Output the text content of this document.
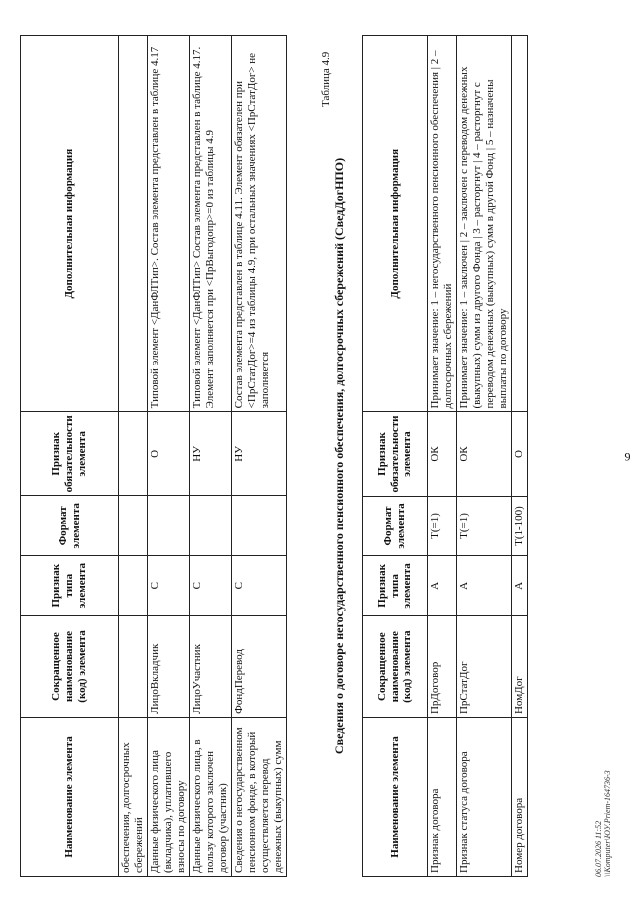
9
Наименование элемента	Сокращенное наименование (код) элемента	Признак типа элемента	Формат элемента	Признак обязательности элемента	Дополнительная информация
обеспечения, долгосрочных сбережений					
Данные физического лица (вкладчика), уплатившего взносы по договору	ЛицоВкладчик	С		О	Типовой элемент <ДанФЛТип>. Состав элемента представлен в таблице 4.17
Данные физического лица, в пользу которого заключен договор (участник)	ЛицоУчастник	С		НУ	Типовой элемент <ДанФЛТип> Состав элемента представлен в таблице 4.17. Элемент заполняется при <ПрВыгодопр>=0 из таблицы 4.9
Сведения о негосударственном пенсионном фонде, в который осуществляется перевод денежных (выкупных) сумм	ФондПеревод	С		НУ	Состав элемента представлен в таблице 4.11. Элемент обязателен при <ПрСтатДог>=4 из таблицы 4.9, при остальных значениях <ПрСтатДог> не заполняется
Таблица 4.9
Сведения о договоре негосударственного пенсионного обеспечения, долгосрочных сбережений (СведДогНПО)
Наименование элемента	Сокращенное наименование (код) элемента	Признак типа элемента	Формат элемента	Признак обязательности элемента	Дополнительная информация
Признак договора	ПрДоговор	А	T(=1)	ОК	Принимает значение: 1 – негосударственного пенсионного обеспечения | 2 – долгосрочных сбережений
Признак статуса договора	ПрСтатДог	А	T(=1)	ОК	Принимает значение: 1 – заключен | 2 – заключен с переводом денежных (выкупных) сумм из другого Фонда | 3 – расторгнут | 4 – расторгнут с переводом денежных (выкупных) сумм в другой Фонд | 5 – назначены выплаты по договору
Номер договора	НомДог	А	T(1-100)	О	
06.07.2026 11:52 \\Komputer\ЮУ.Priem-164736-3
